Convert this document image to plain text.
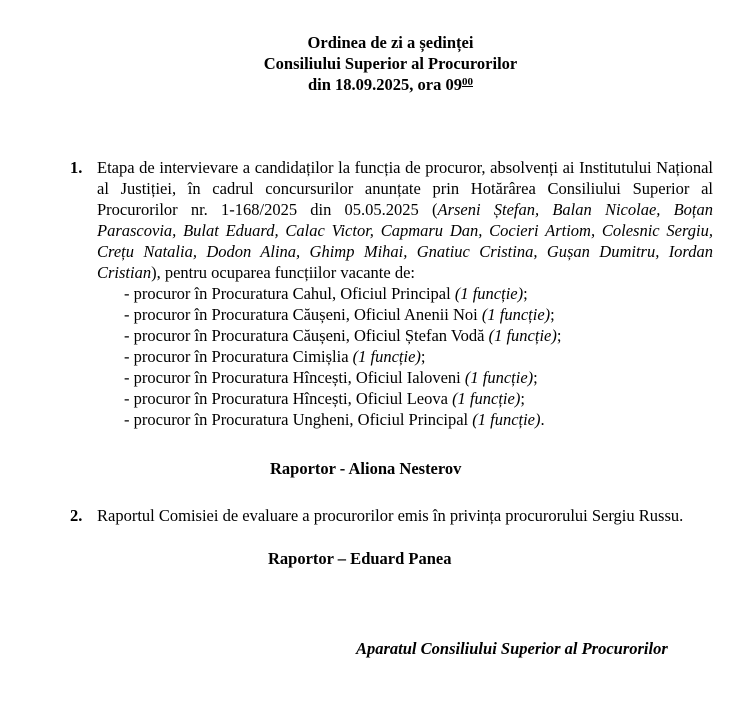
Ordinea de zi a ședinței
Consiliului Superior al Procurorilor
din 18.09.2025, ora $09^{00}$
1. Etapa de intervievare a candidaților la funcția de procuror, absolvenți ai Institutului Național al Justiției, în cadrul concursurilor anunțate prin Hotărârea Consiliului Superior al Procurorilor nr. 1-168/2025 din 05.05.2025 (Arseni Ștefan, Balan Nicolae, Boțan Parascovia, Bulat Eduard, Calac Victor, Capmaru Dan, Cocieri Artiom, Colesnic Sergiu, Crețu Natalia, Dodon Alina, Ghimp Mihai, Gnatiuc Cristina, Gușan Dumitru, Iordan Cristian), pentru ocuparea funcțiilor vacante de:

- procuror în Procuratura Cahul, Oficiul Principal (1 funcție);
- procuror în Procuratura Căușeni, Oficiul Anenii Noi (1 funcție);
- procuror în Procuratura Căușeni, Oficiul Ștefan Vodă (1 funcție);
- procuror în Procuratura Cimișlia (1 funcție);
- procuror în Procuratura Hîncești, Oficiul Ialoveni (1 funcție);
- procuror în Procuratura Hîncești, Oficiul Leova (1 funcție);
- procuror în Procuratura Ungheni, Oficiul Principal (1 funcție).
Raportor - Aliona Nesterov
2. Raportul Comisiei de evaluare a procurorilor emis în privința procurorului Sergiu Russu.

Raportor – Eduard Panea
Aparatul Consiliului Superior al Procurorilor
